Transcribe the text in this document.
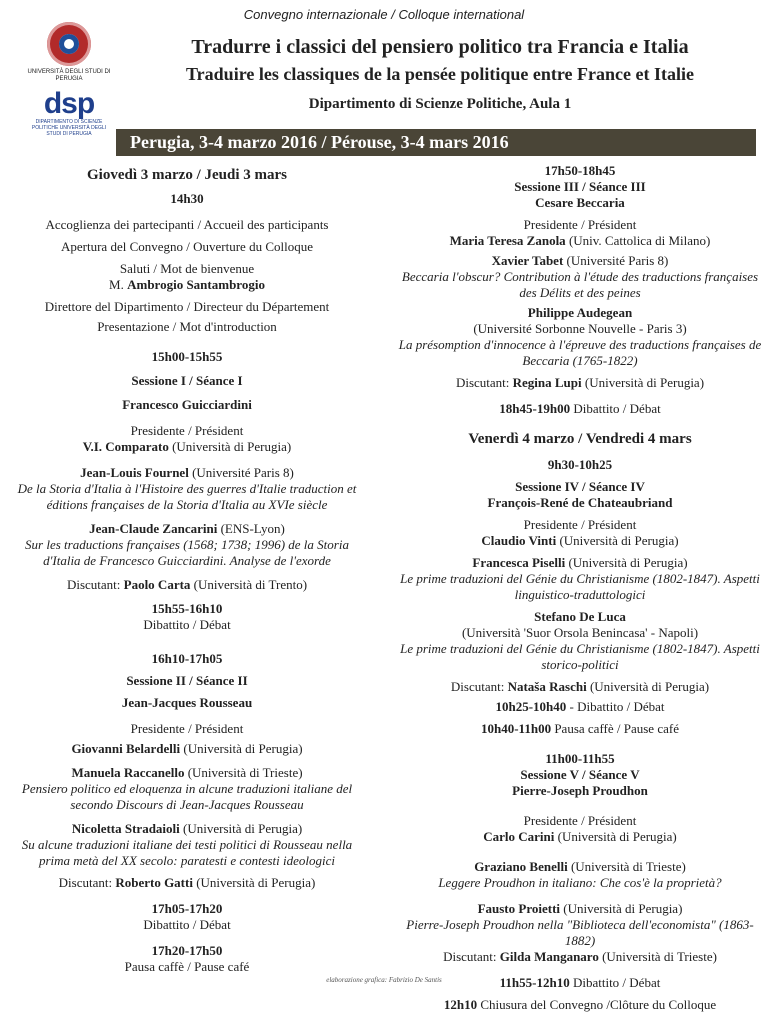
Convegno internazionale / Colloque international
UNIVERSITÀ DEGLI STUDI DI PERUGIA
dsp
DIPARTIMENTO DI SCIENZE POLITICHE UNIVERSITÀ DEGLI STUDI DI PERUGIA
Tradurre i classici del pensiero politico tra Francia e Italia
Traduire les classiques de la pensée politique entre France et Italie
Dipartimento di Scienze Politiche, Aula 1
Perugia, 3-4 marzo 2016 / Pérouse, 3-4 mars 2016

Giovedì 3 marzo / Jeudi 3 mars

14h30

Accoglienza dei partecipanti / Accueil des participants

Apertura del Convegno / Ouverture du Colloque

Saluti / Mot de bienvenue

M. Ambrogio Santambrogio

Direttore del Dipartimento / Directeur du Département

Presentazione / Mot d'introduction

15h00-15h55

Sessione I / Séance I

Francesco Guicciardini

Presidente / Président

V.I. Comparato (Università di Perugia)

Jean-Louis Fournel (Université Paris 8)

De la Storia d'Italia à l'Histoire des guerres d'Italie traduction et éditions françaises de la Storia d'Italia au XVIe siècle

Jean-Claude Zancarini (ENS-Lyon)

Sur les traductions françaises (1568; 1738; 1996) de la Storia d'Italia de Francesco Guicciardini. Analyse de l'exorde

Discutant: Paolo Carta (Università di Trento)

15h55-16h10

Dibattito / Débat

16h10-17h05

Sessione II / Séance II

Jean-Jacques Rousseau

Presidente / Président

Giovanni Belardelli (Università di Perugia)

Manuela Raccanello (Università di Trieste)

Pensiero politico ed eloquenza in alcune traduzioni italiane del secondo Discours di Jean-Jacques Rousseau

Nicoletta Stradaioli (Università di Perugia)

Su alcune traduzioni italiane dei testi politici di Rousseau nella prima metà del XX secolo: paratesti e contesti ideologici

Discutant: Roberto Gatti (Università di Perugia)

17h05-17h20

Dibattito / Débat

17h20-17h50

Pausa caffè / Pause café

17h50-18h45

Sessione III / Séance III

Cesare Beccaria

Presidente / Président

Maria Teresa Zanola (Univ. Cattolica di Milano)

Xavier Tabet (Université Paris 8)

Beccaria l'obscur? Contribution à l'étude des traductions françaises des Délits et des peines

Philippe Audegean

(Université Sorbonne Nouvelle - Paris 3)

La présomption d'innocence à l'épreuve des traductions françaises de Beccaria (1765-1822)

Discutant: Regina Lupi (Università di Perugia)

18h45-19h00 Dibattito / Débat

Venerdì 4 marzo / Vendredi 4 mars

9h30-10h25

Sessione IV / Séance IV

François-René de Chateaubriand

Presidente / Président

Claudio Vinti (Università di Perugia)

Francesca Piselli (Università di Perugia)

Le prime traduzioni del Génie du Christianisme (1802-1847). Aspetti linguistico-traduttologici

Stefano De Luca

(Università 'Suor Orsola Benincasa' - Napoli)

Le prime traduzioni del Génie du Christianisme (1802-1847). Aspetti storico-politici

Discutant: Nataša Raschi (Università di Perugia)

10h25-10h40 - Dibattito / Débat

10h40-11h00 Pausa caffè / Pause café

11h00-11h55

Sessione V / Séance V

Pierre-Joseph Proudhon

Presidente / Président

Carlo Carini (Università di Perugia)

Graziano Benelli (Università di Trieste)

Leggere Proudhon in italiano: Che cos'è la proprietà?

Fausto Proietti (Università di Perugia)

Pierre-Joseph Proudhon nella "Biblioteca dell'economista" (1863-1882)

Discutant: Gilda Manganaro (Università di Trieste)

11h55-12h10 Dibattito / Débat

12h10 Chiusura del Convegno /Clôture du Colloque

elaborazione grafica: Fabrizio De Santis
